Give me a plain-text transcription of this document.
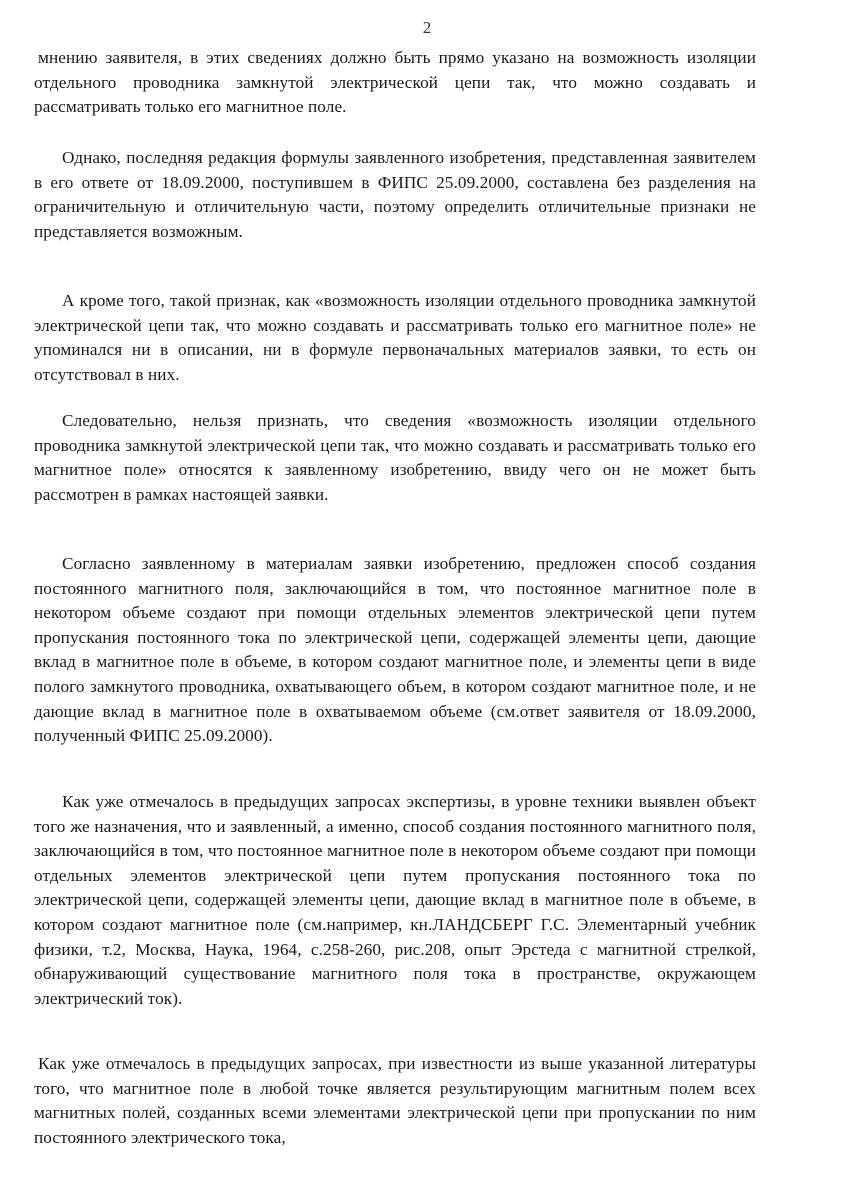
2

мнению заявителя, в этих сведениях должно быть прямо указано на возможность изоляции отдельного проводника замкнутой электрической цепи так, что можно создавать и рассматривать только его магнитное поле.

Однако, последняя редакция формулы заявленного изобретения, представленная заявителем в его ответе от 18.09.2000, поступившем в ФИПС 25.09.2000, составлена без разделения на ограничительную и отличительную части, поэтому определить отличительные признаки не представляется возможным.

А кроме того, такой признак, как «возможность изоляции отдельного проводника замкнутой электрической цепи так, что можно создавать и рассматривать только его магнитное поле» не упоминался ни в описании, ни в формуле первоначальных материалов заявки, то есть он отсутствовал в них.

Следовательно, нельзя признать, что сведения «возможность изоляции отдельного проводника замкнутой электрической цепи так, что можно создавать и рассматривать только его магнитное поле» относятся к заявленному изобретению, ввиду чего он не может быть рассмотрен в рамках настоящей заявки.

Согласно заявленному в материалам заявки изобретению, предложен способ создания постоянного магнитного поля, заключающийся в том, что постоянное магнитное поле в некотором объеме создают при помощи отдельных элементов электрической цепи путем пропускания постоянного тока по электрической цепи, содержащей элементы цепи, дающие вклад в магнитное поле в объеме, в котором создают магнитное поле, и элементы цепи в виде полого замкнутого проводника, охватывающего объем, в котором создают магнитное поле, и не дающие вклад в магнитное поле в охватываемом объеме (см.ответ заявителя от 18.09.2000, полученный ФИПС 25.09.2000).

Как уже отмечалось в предыдущих запросах экспертизы, в уровне техники выявлен объект того же назначения, что и заявленный, а именно, способ создания постоянного магнитного поля, заключающийся в том, что постоянное магнитное поле в некотором объеме создают при помощи отдельных элементов электрической цепи путем пропускания постоянного тока по электрической цепи, содержащей элементы цепи, дающие вклад в магнитное поле в объеме, в котором создают магнитное поле (см.например, кн.ЛАНДСБЕРГ Г.С. Элементарный учебник физики, т.2, Москва, Наука, 1964, с.258-260, рис.208, опыт Эрстеда с магнитной стрелкой, обнаруживающий существование магнитного поля тока в пространстве, окружающем электрический ток).

Как уже отмечалось в предыдущих запросах, при известности из выше указанной литературы того, что магнитное поле в любой точке является результирующим магнитным полем всех магнитных полей, созданных всеми элементами электрической цепи при пропускании по ним постоянного электрического тока,
